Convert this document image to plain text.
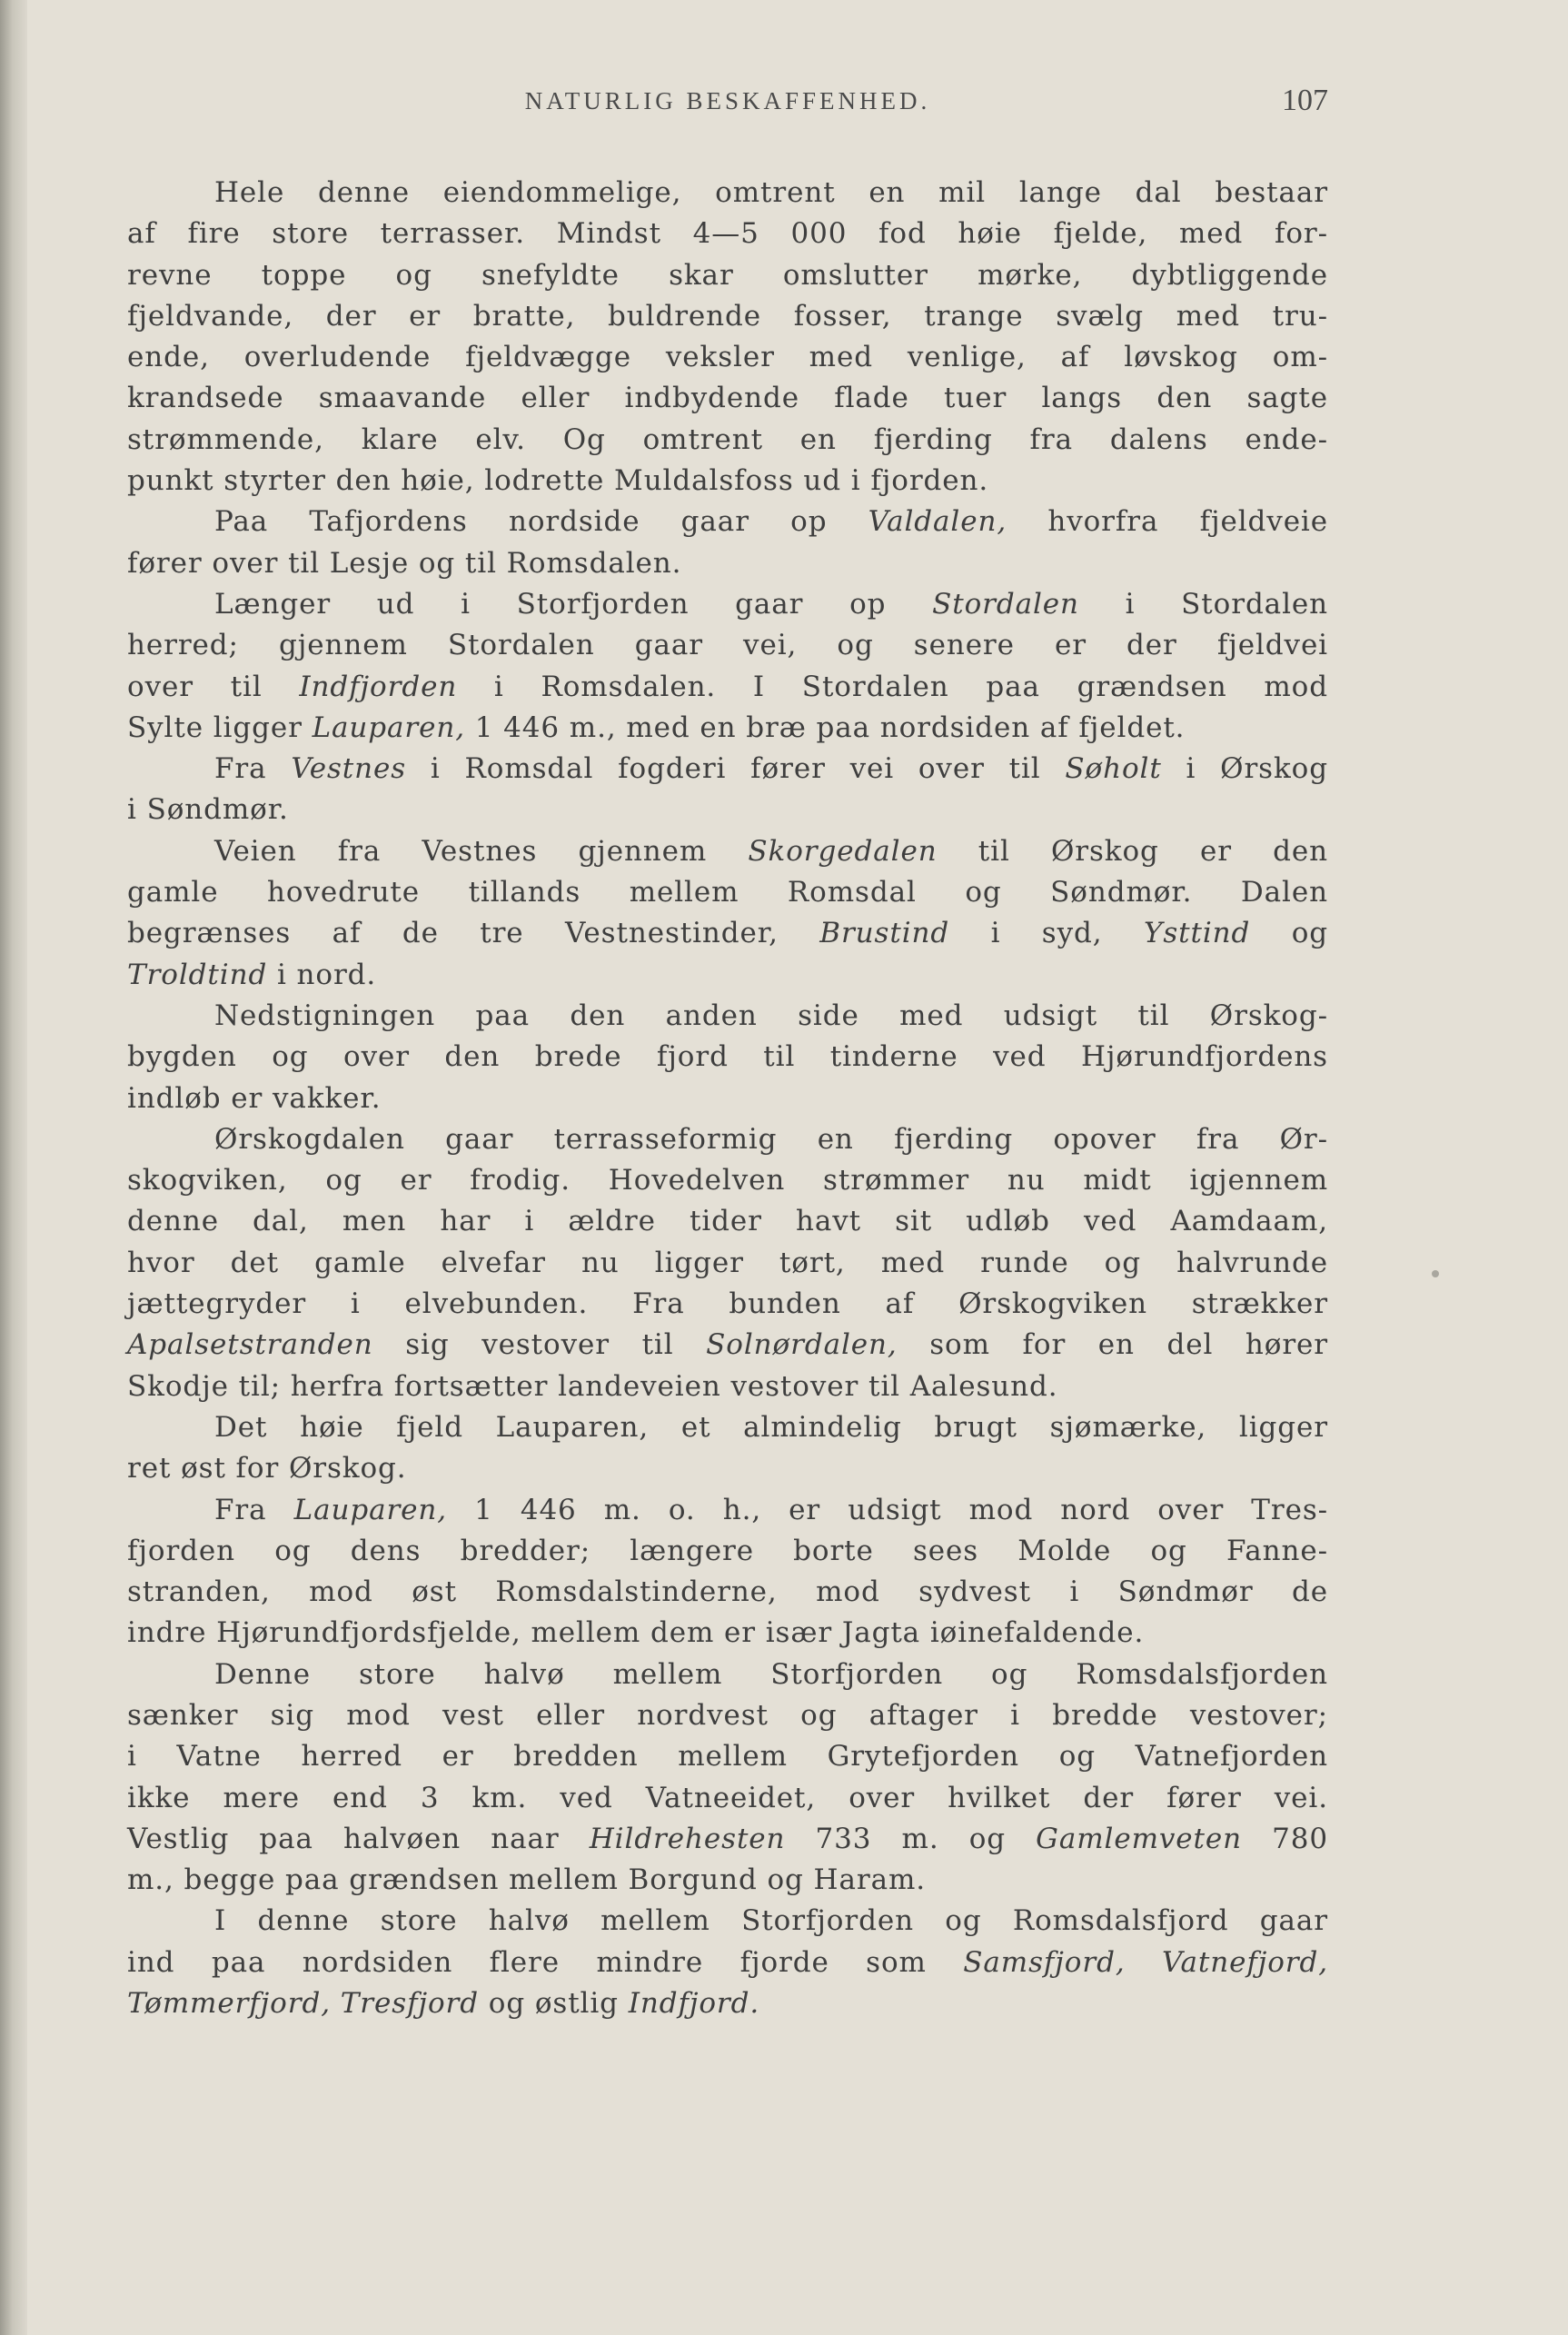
NATURLIG BESKAFFENHED.	107
Hele denne eiendommelige, omtrent en mil lange dal bestaar
af fire store terrasser. Mindst 4—5 000 fod høie fjelde, med for-
revne toppe og snefyldte skar omslutter mørke, dybtliggende
fjeldvande, der er bratte, buldrende fosser, trange svælg med tru-
ende, overludende fjeldvægge veksler med venlige, af løvskog om-
krandsede smaavande eller indbydende flade tuer langs den sagte
strømmende, klare elv. Og omtrent en fjerding fra dalens ende-
punkt styrter den høie, lodrette Muldalsfoss ud i fjorden.
Paa Tafjordens nordside gaar op Valdalen, hvorfra fjeldveie
fører over til Lesje og til Romsdalen.
Længer ud i Storfjorden gaar op Stordalen i Stordalen
herred; gjennem Stordalen gaar vei, og senere er der fjeldvei
over til Indfjorden i Romsdalen. I Stordalen paa grændsen mod
Sylte ligger Lauparen, 1 446 m., med en bræ paa nordsiden af fjeldet.
Fra Vestnes i Romsdal fogderi fører vei over til Søholt i Ørskog
i Søndmør.
Veien fra Vestnes gjennem Skorgedalen til Ørskog er den
gamle hovedrute tillands mellem Romsdal og Søndmør. Dalen
begrænses af de tre Vestnestinder, Brustind i syd, Ysttind og
Troldtind i nord.
Nedstigningen paa den anden side med udsigt til Ørskog-
bygden og over den brede fjord til tinderne ved Hjørundfjordens
indløb er vakker.
Ørskogdalen gaar terrasseformig en fjerding opover fra Ør-
skogviken, og er frodig. Hovedelven strømmer nu midt igjennem
denne dal, men har i ældre tider havt sit udløb ved Aamdaam,
hvor det gamle elvefar nu ligger tørt, med runde og halvrunde
jættegryder i elvebunden. Fra bunden af Ørskogviken strækker
Apalsetstranden sig vestover til Solnørdalen, som for en del hører
Skodje til; herfra fortsætter landeveien vestover til Aalesund.
Det høie fjeld Lauparen, et almindelig brugt sjømærke, ligger
ret øst for Ørskog.
Fra Lauparen, 1 446 m. o. h., er udsigt mod nord over Tres-
fjorden og dens bredder; længere borte sees Molde og Fanne-
stranden, mod øst Romsdalstinderne, mod sydvest i Søndmør de
indre Hjørundfjordsfjelde, mellem dem er især Jagta iøinefaldende.
Denne store halvø mellem Storfjorden og Romsdalsfjorden
sænker sig mod vest eller nordvest og aftager i bredde vestover;
i Vatne herred er bredden mellem Grytefjorden og Vatnefjorden
ikke mere end 3 km. ved Vatneeidet, over hvilket der fører vei.
Vestlig paa halvøen naar Hildrehesten 733 m. og Gamlemveten 780
m., begge paa grændsen mellem Borgund og Haram.
I denne store halvø mellem Storfjorden og Romsdalsfjord gaar
ind paa nordsiden flere mindre fjorde som Samsfjord, Vatnefjord,
Tømmerfjord, Tresfjord og østlig Indfjord.
